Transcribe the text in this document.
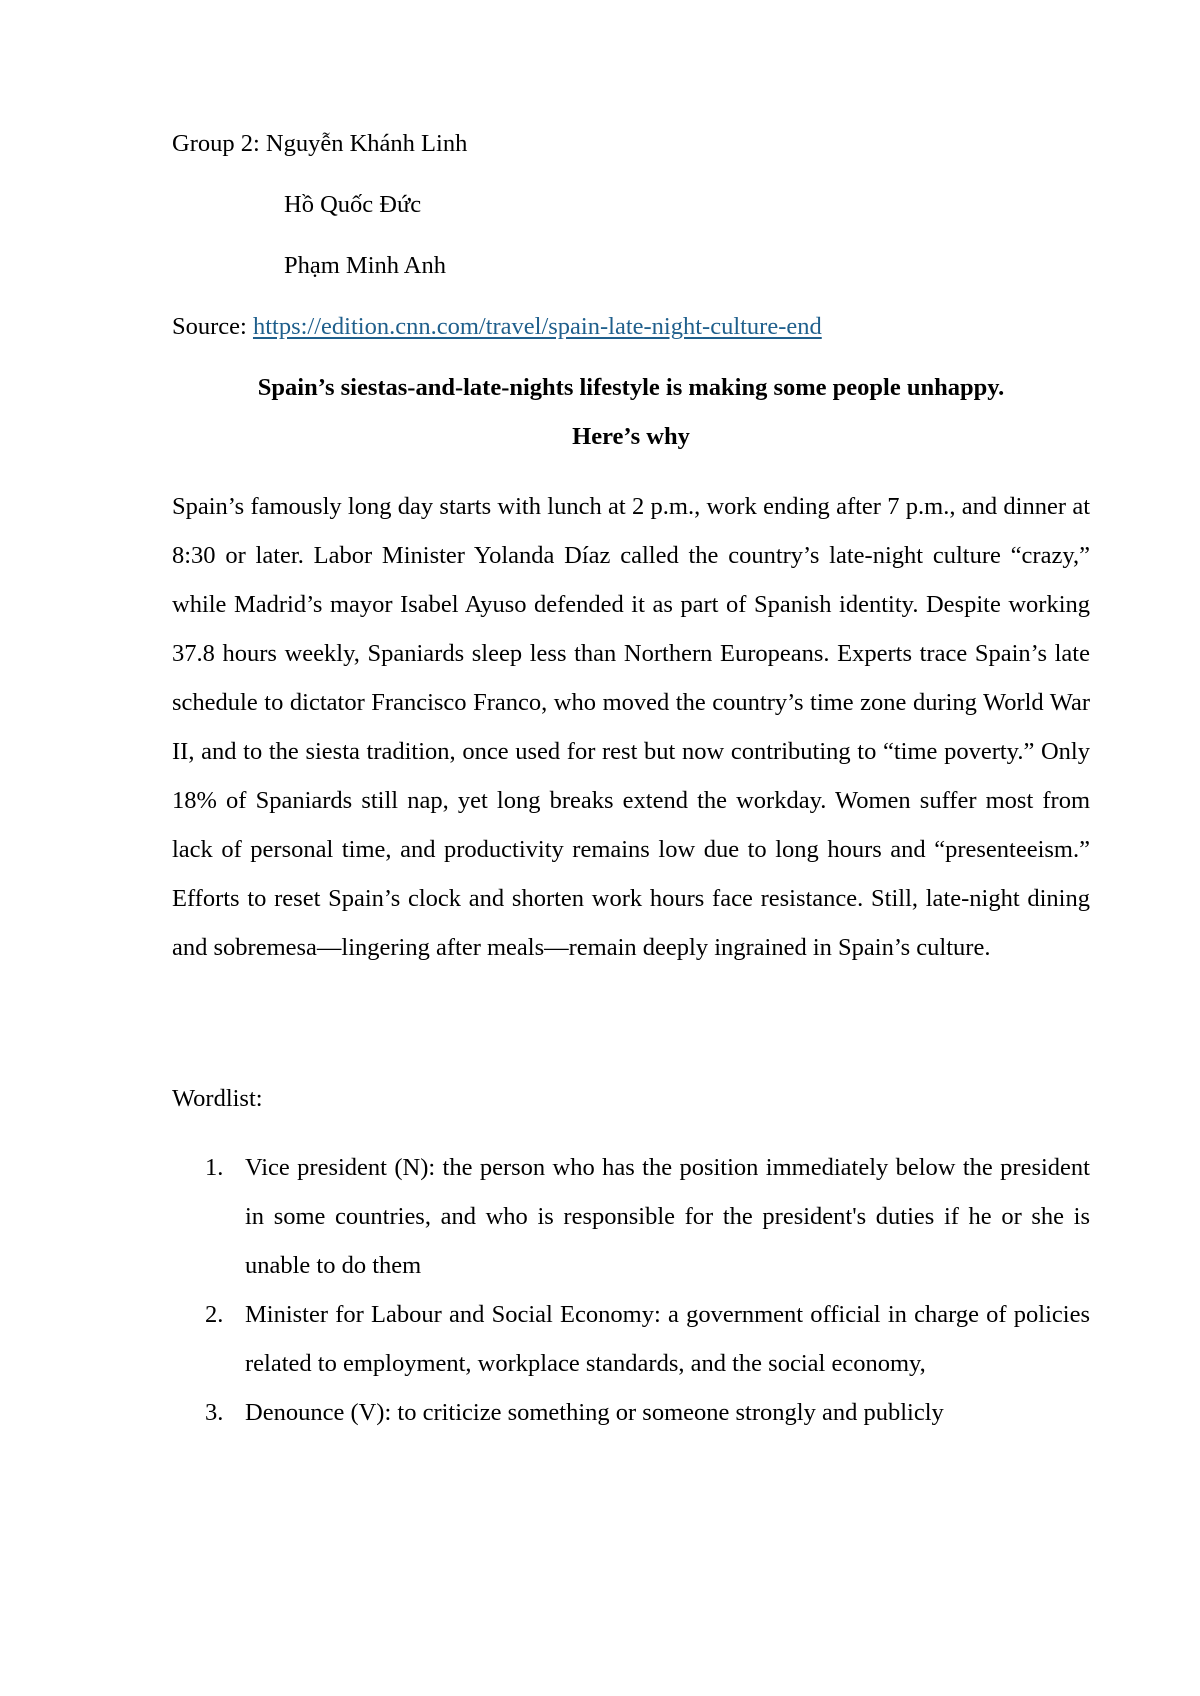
Group 2: Nguyễn Khánh Linh
Hồ Quốc Đức
Phạm Minh Anh
Source: https://edition.cnn.com/travel/spain-late-night-culture-end
Spain’s siestas-and-late-nights lifestyle is making some people unhappy.
Here’s why

Spain’s famously long day starts with lunch at 2 p.m., work ending after 7 p.m., and dinner at 8:30 or later. Labor Minister Yolanda Díaz called the country’s late-night culture “crazy,” while Madrid’s mayor Isabel Ayuso defended it as part of Spanish identity. Despite working 37.8 hours weekly, Spaniards sleep less than Northern Europeans. Experts trace Spain’s late schedule to dictator Francisco Franco, who moved the country’s time zone during World War II, and to the siesta tradition, once used for rest but now contributing to “time poverty.” Only 18% of Spaniards still nap, yet long breaks extend the workday. Women suffer most from lack of personal time, and productivity remains low due to long hours and “presenteeism.” Efforts to reset Spain’s clock and shorten work hours face resistance. Still, late-night dining and sobremesa—lingering after meals—remain deeply ingrained in Spain’s culture.

Wordlist:
1. Vice president (N): the person who has the position immediately below the president in some countries, and who is responsible for the president's duties if he or she is unable to do them
2. Minister for Labour and Social Economy: a government official in charge of policies related to employment, workplace standards, and the social economy,
3. Denounce (V): to criticize something or someone strongly and publicly
